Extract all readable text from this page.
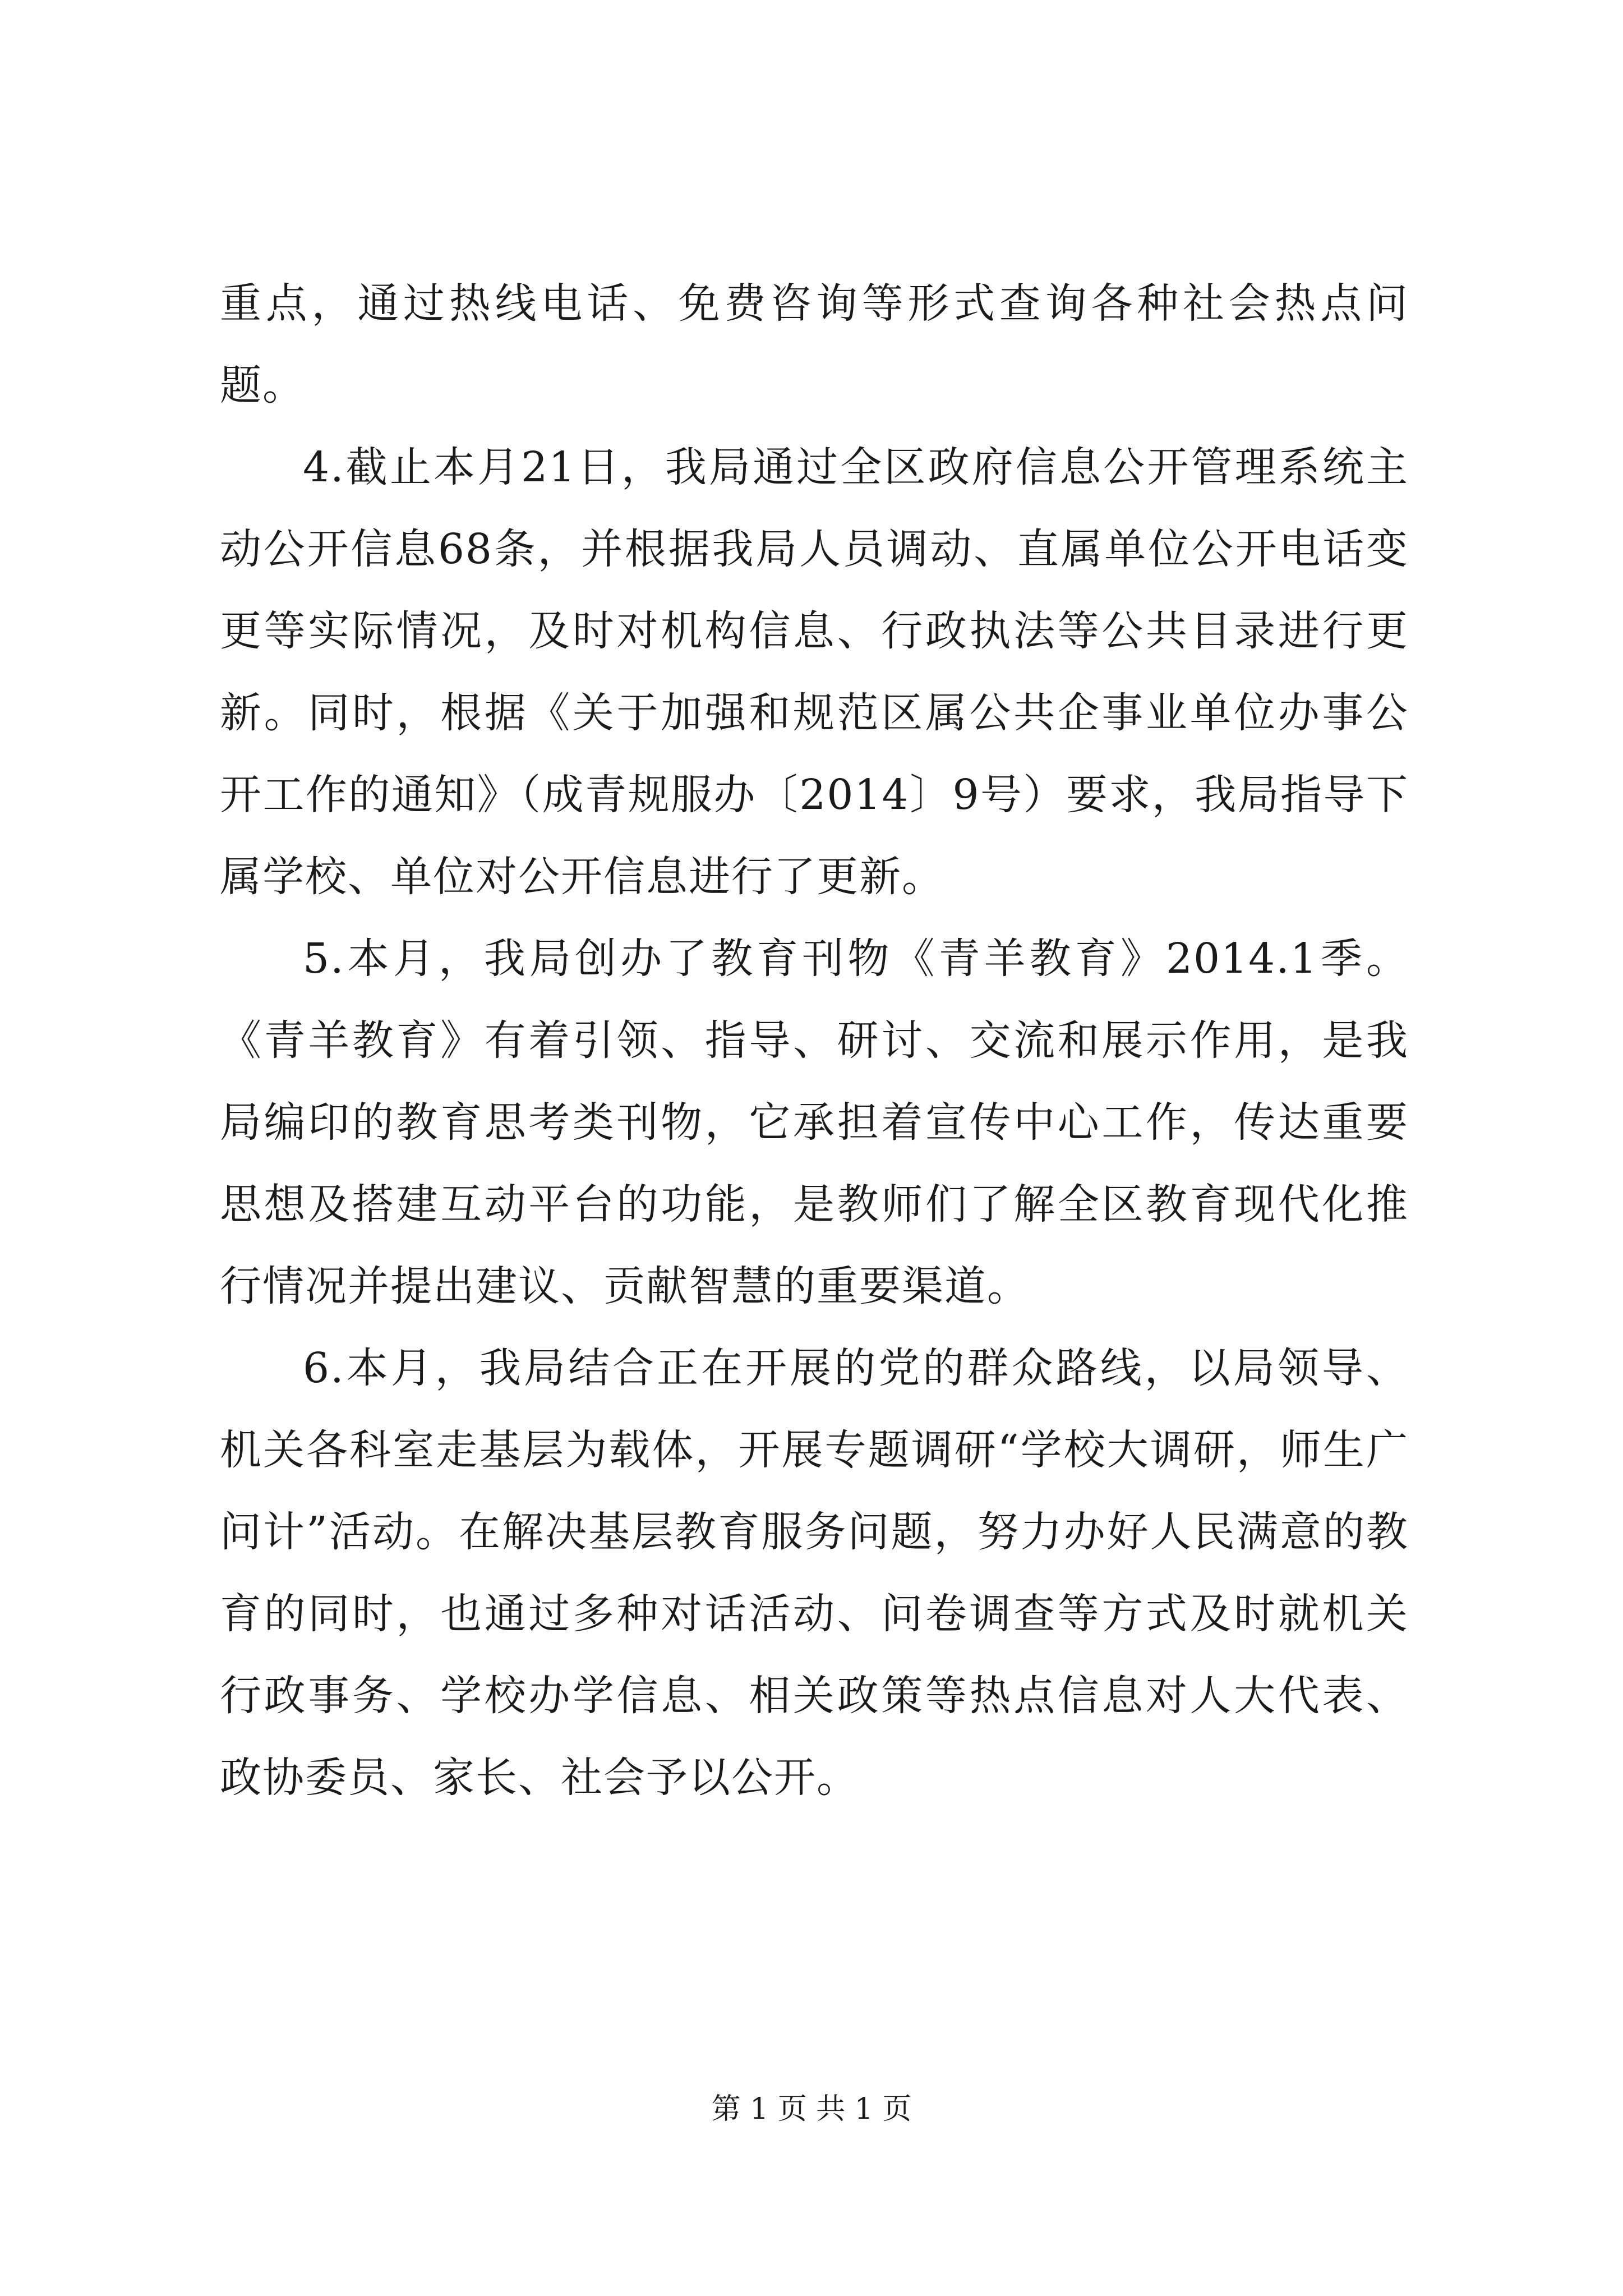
重点，通过热线电话、免费咨询等形式查询各种社会热点问题。

4.截止本月21日，我局通过全区政府信息公开管理系统主动公开信息68条，并根据我局人员调动、直属单位公开电话变更等实际情况，及时对机构信息、行政执法等公共目录进行更新。同时，根据《关于加强和规范区属公共企事业单位办事公开工作的通知》（成青规服办〔2014〕9号）要求，我局指导下属学校、单位对公开信息进行了更新。

5.本月，我局创办了教育刊物《青羊教育》2014.1季。《青羊教育》有着引领、指导、研讨、交流和展示作用，是我局编印的教育思考类刊物，它承担着宣传中心工作，传达重要思想及搭建互动平台的功能，是教师们了解全区教育现代化推行情况并提出建议、贡献智慧的重要渠道。

6.本月，我局结合正在开展的党的群众路线，以局领导、机关各科室走基层为载体，开展专题调研“学校大调研，师生广问计”活动。在解决基层教育服务问题，努力办好人民满意的教育的同时，也通过多种对话活动、问卷调查等方式及时就机关行政事务、学校办学信息、相关政策等热点信息对人大代表、政协委员、家长、社会予以公开。

第 1 页 共 1 页
